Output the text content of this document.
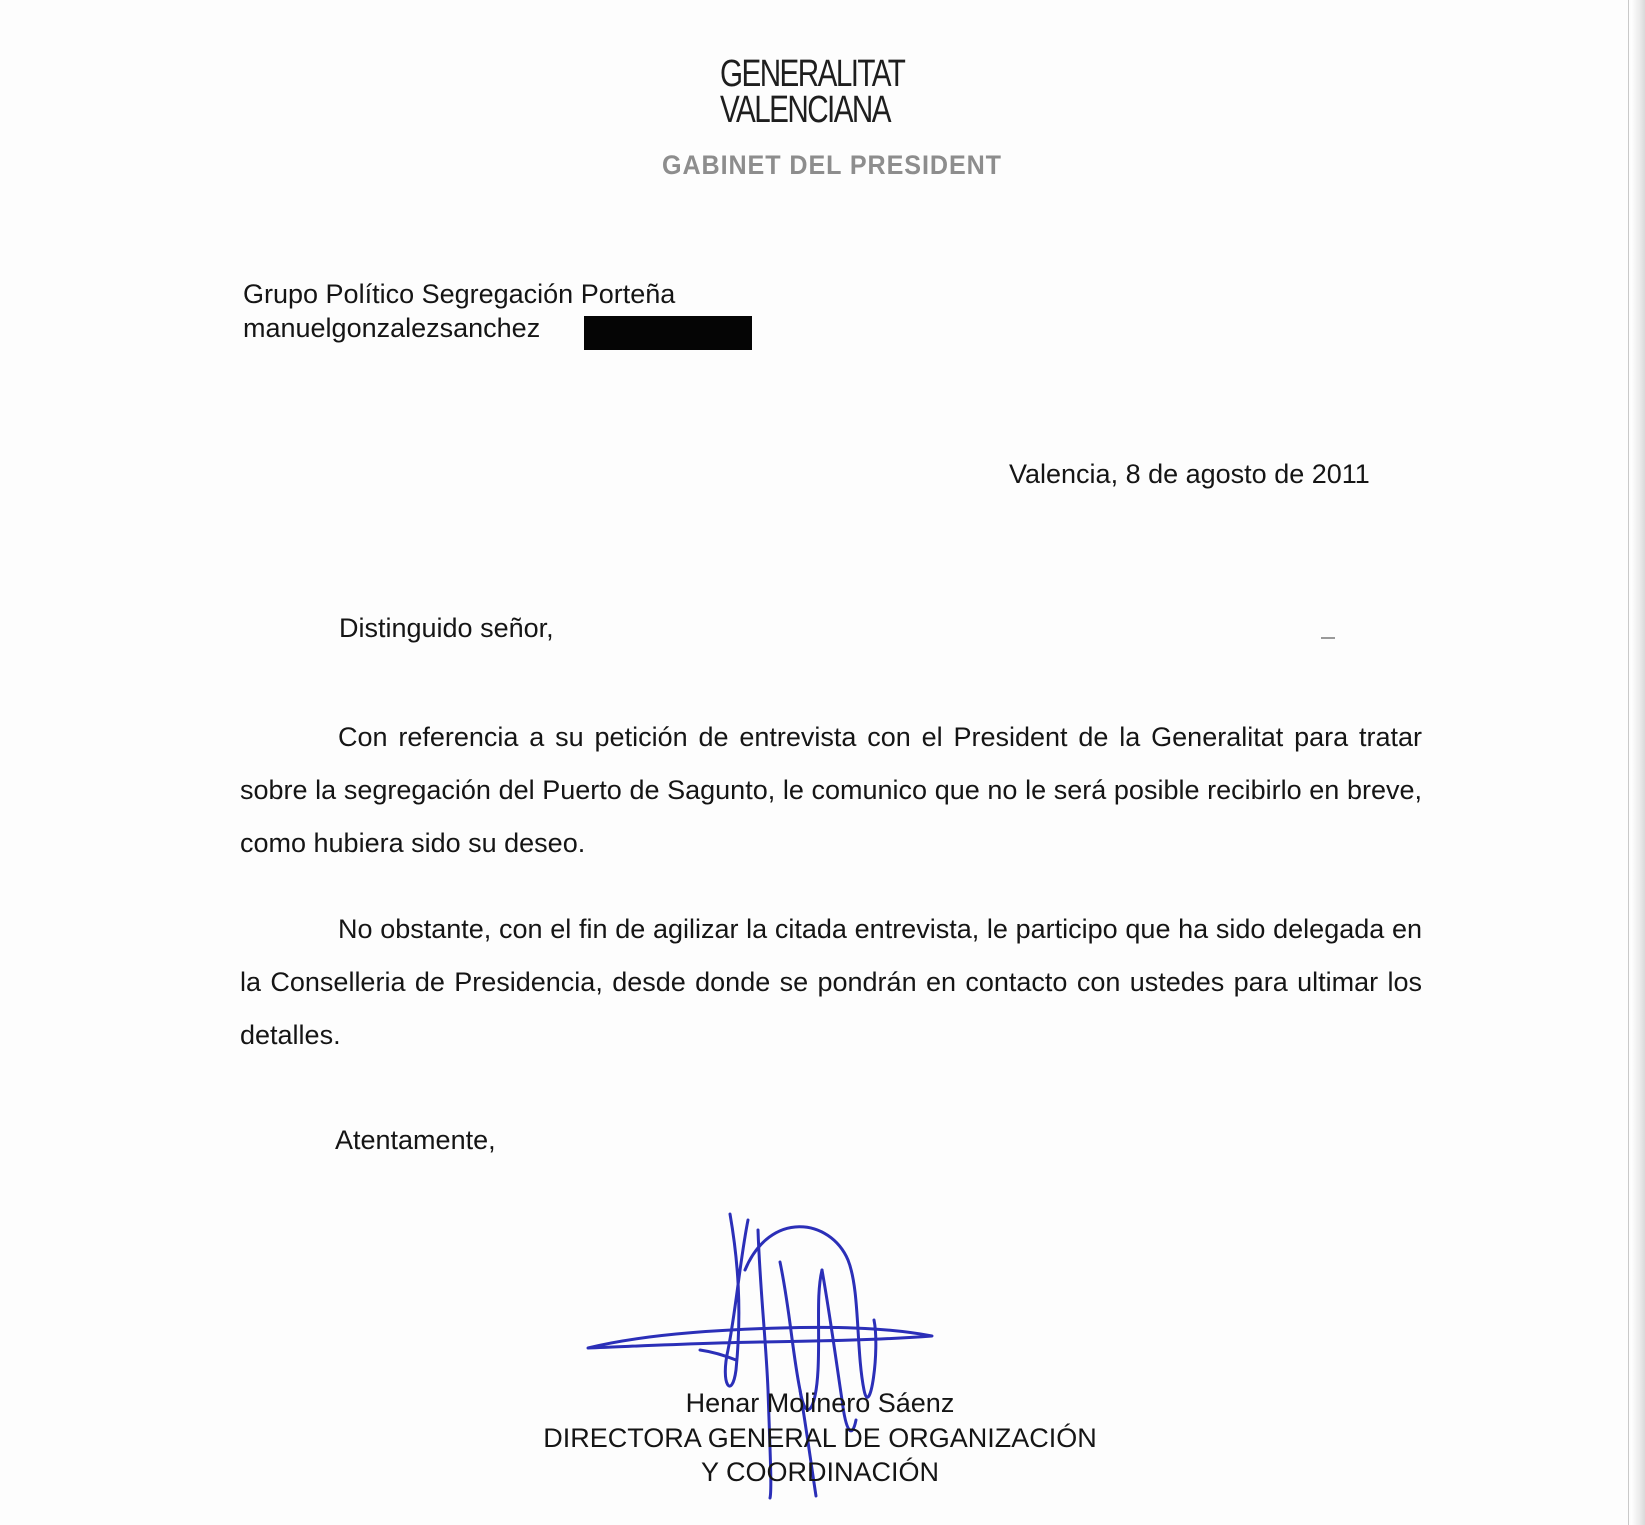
GENERALITAT
VALENCIANA
GABINET DEL PRESIDENT
Grupo Político Segregación Porteña
manuelgonzalezsanchez
Valencia, 8 de agosto de 2011
Distinguido señor,
Con referencia a su petición de entrevista con el President de la Generalitat para tratar sobre la segregación del Puerto de Sagunto, le comunico que no le será posible recibirlo en breve, como hubiera sido su deseo.
No obstante, con el fin de agilizar la citada entrevista, le participo que ha sido delegada en la Conselleria de Presidencia, desde donde se pondrán en contacto con ustedes para ultimar los detalles.
Atentamente,
Henar Molinero Sáenz
DIRECTORA GENERAL DE ORGANIZACIÓN
Y COORDINACIÓN
